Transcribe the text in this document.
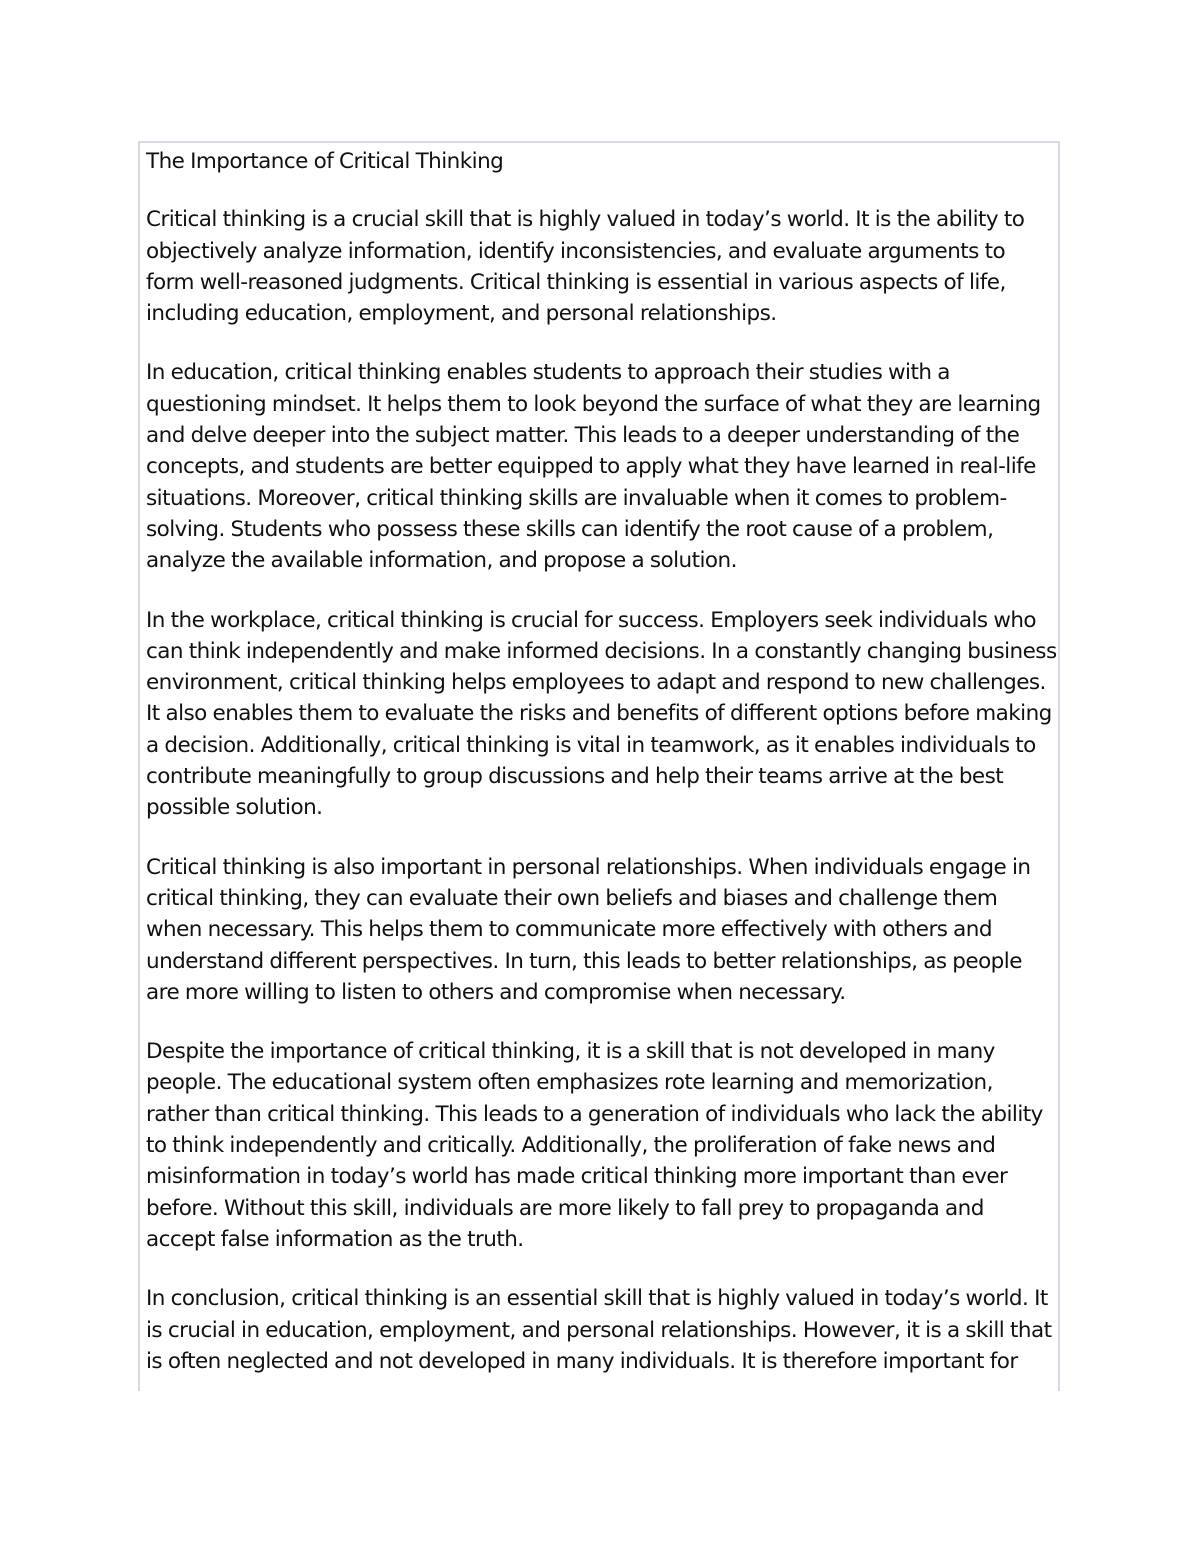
The Importance of Critical Thinking

Critical thinking is a crucial skill that is highly valued in today’s world. It is the ability to objectively analyze information, identify inconsistencies, and evaluate arguments to form well-reasoned judgments. Critical thinking is essential in various aspects of life, including education, employment, and personal relationships.

In education, critical thinking enables students to approach their studies with a questioning mindset. It helps them to look beyond the surface of what they are learning and delve deeper into the subject matter. This leads to a deeper understanding of the concepts, and students are better equipped to apply what they have learned in real-life situations. Moreover, critical thinking skills are invaluable when it comes to problem-solving. Students who possess these skills can identify the root cause of a problem, analyze the available information, and propose a solution.

In the workplace, critical thinking is crucial for success. Employers seek individuals who can think independently and make informed decisions. In a constantly changing business environment, critical thinking helps employees to adapt and respond to new challenges. It also enables them to evaluate the risks and benefits of different options before making a decision. Additionally, critical thinking is vital in teamwork, as it enables individuals to contribute meaningfully to group discussions and help their teams arrive at the best possible solution.

Critical thinking is also important in personal relationships. When individuals engage in critical thinking, they can evaluate their own beliefs and biases and challenge them when necessary. This helps them to communicate more effectively with others and understand different perspectives. In turn, this leads to better relationships, as people are more willing to listen to others and compromise when necessary.

Despite the importance of critical thinking, it is a skill that is not developed in many people. The educational system often emphasizes rote learning and memorization, rather than critical thinking. This leads to a generation of individuals who lack the ability to think independently and critically. Additionally, the proliferation of fake news and misinformation in today’s world has made critical thinking more important than ever before. Without this skill, individuals are more likely to fall prey to propaganda and accept false information as the truth.

In conclusion, critical thinking is an essential skill that is highly valued in today’s world. It is crucial in education, employment, and personal relationships. However, it is a skill that is often neglected and not developed in many individuals. It is therefore important for
